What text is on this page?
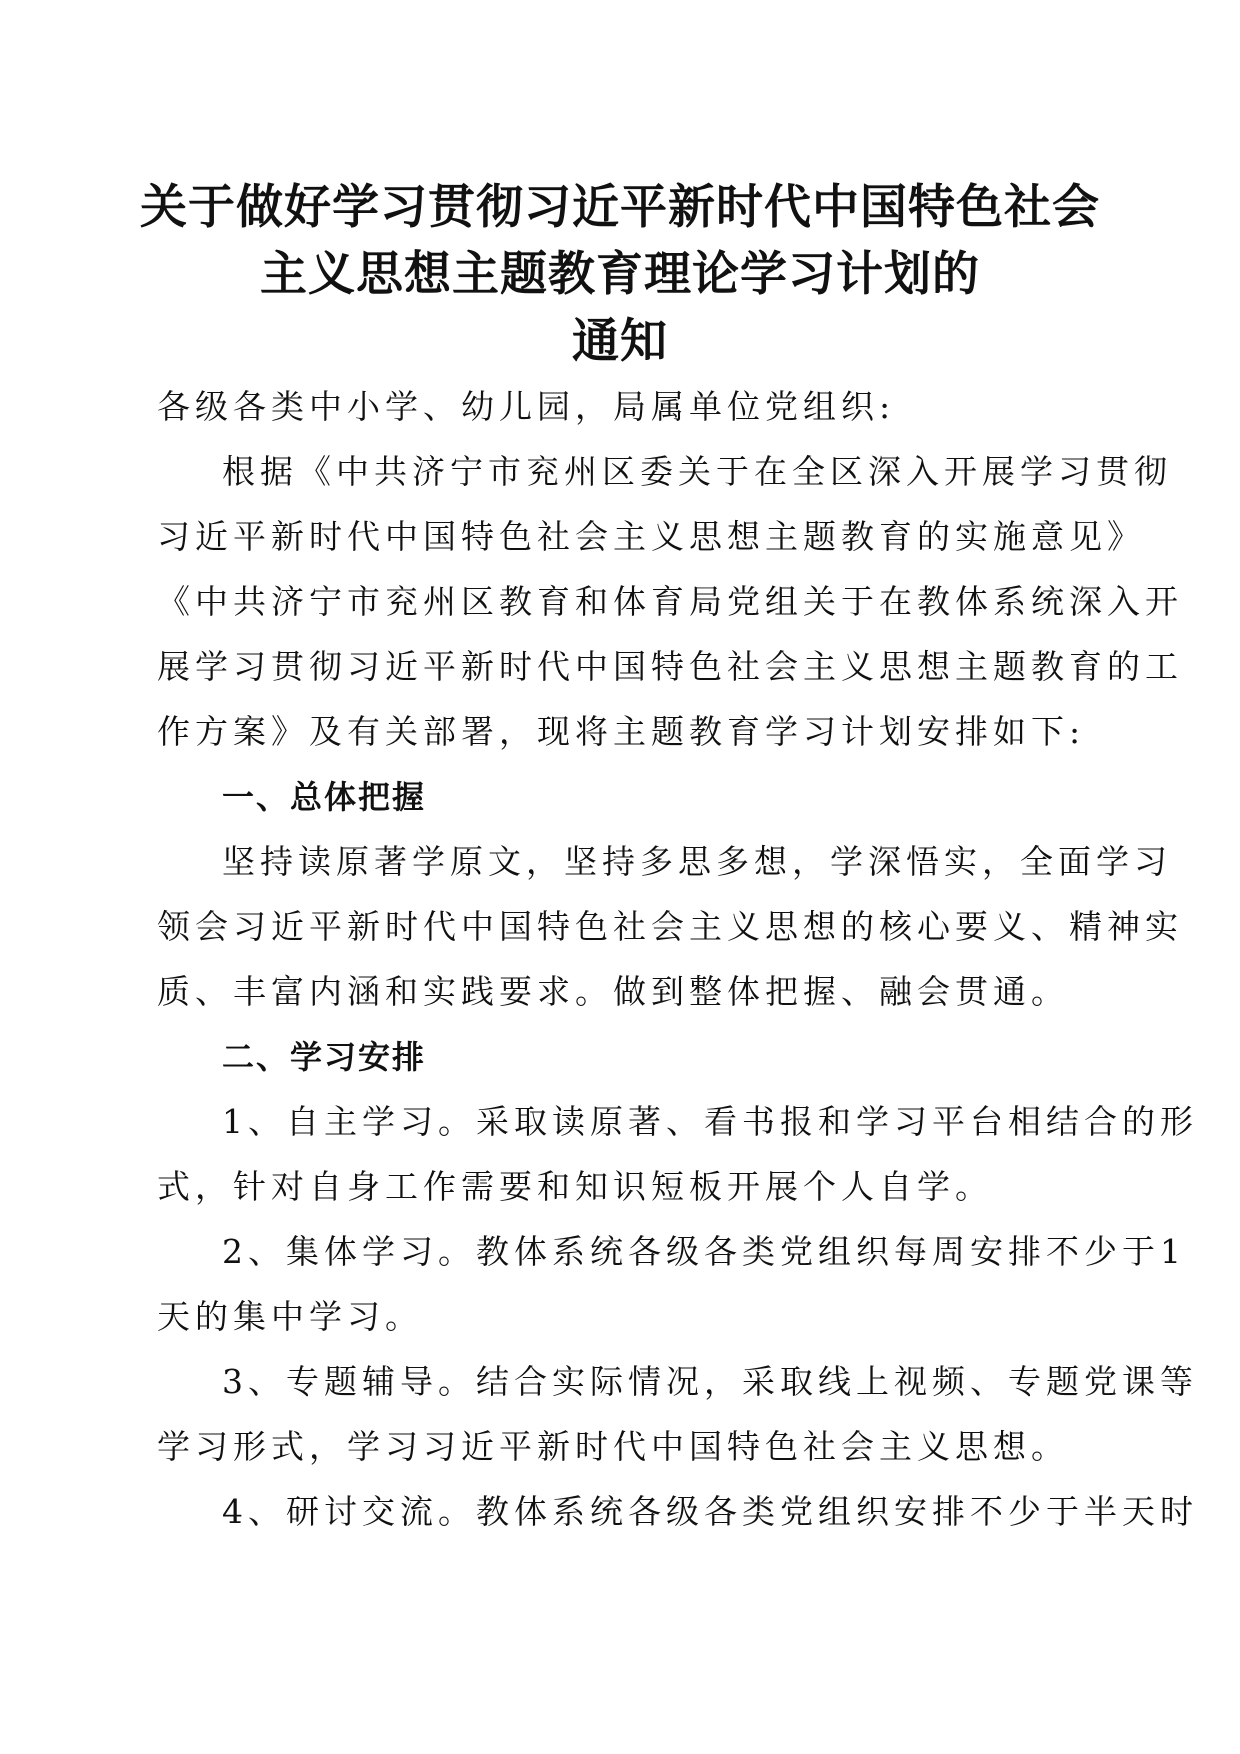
关于做好学习贯彻习近平新时代中国特色社会
主义思想主题教育理论学习计划的
通知
各级各类中小学、幼儿园，局属单位党组织:
根据《中共济宁市兖州区委关于在全区深入开展学习贯彻
习近平新时代中国特色社会主义思想主题教育的实施意见》
《中共济宁市兖州区教育和体育局党组关于在教体系统深入开
展学习贯彻习近平新时代中国特色社会主义思想主题教育的工
作方案》及有关部署，现将主题教育学习计划安排如下:
一、总体把握
坚持读原著学原文，坚持多思多想，学深悟实，全面学习
领会习近平新时代中国特色社会主义思想的核心要义、精神实
质、丰富内涵和实践要求。做到整体把握、融会贯通。
二、学习安排
1、自主学习。采取读原著、看书报和学习平台相结合的形
式，针对自身工作需要和知识短板开展个人自学。
2、集体学习。教体系统各级各类党组织每周安排不少于1
天的集中学习。
3、专题辅导。结合实际情况，采取线上视频、专题党课等
学习形式，学习习近平新时代中国特色社会主义思想。
4、研讨交流。教体系统各级各类党组织安排不少于半天时
